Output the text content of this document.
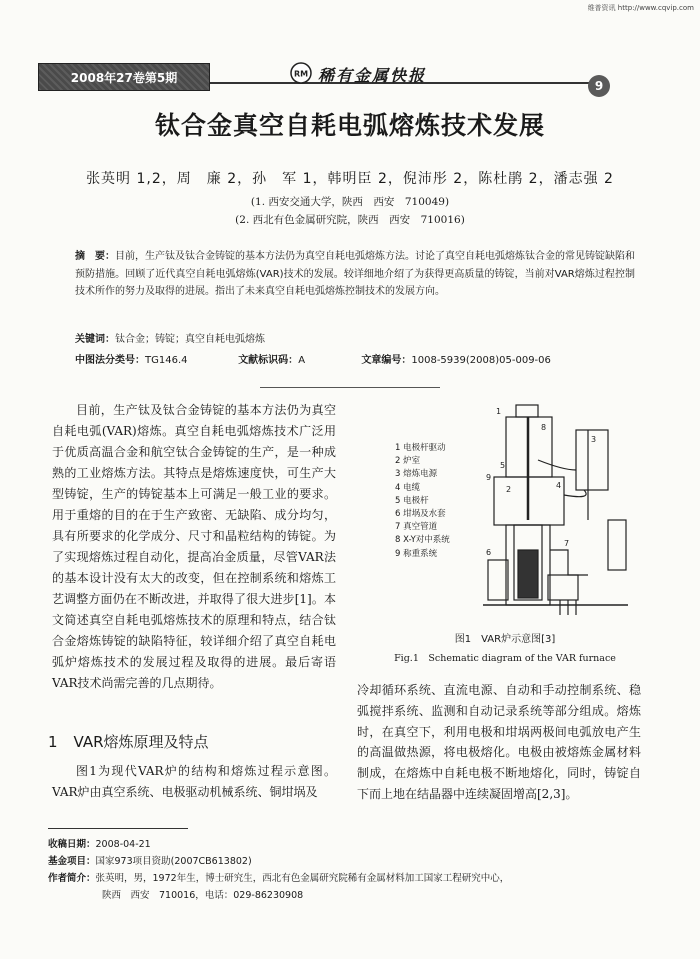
维普资讯 http://www.cqvip.com
2008年27卷第5期	RM 稀有金属快报
9
钛合金真空自耗电弧熔炼技术发展
张英明 1,2，周　廉 2，孙　军 1，韩明臣 2，倪沛彤 2，陈杜鹃 2，潘志强 2
(1. 西安交通大学，陕西　西安　710049)
(2. 西北有色金属研究院，陕西　西安　710016)
摘　要：目前，生产钛及钛合金铸锭的基本方法仍为真空自耗电弧熔炼方法。讨论了真空自耗电弧熔炼钛合金的常见铸锭缺陷和预防措施。回顾了近代真空自耗电弧熔炼(VAR)技术的发展。较详细地介绍了为获得更高质量的铸锭，当前对VAR熔炼过程控制技术所作的努力及取得的进展。指出了未来真空自耗电弧熔炼控制技术的发展方向。
关键词：钛合金；铸锭；真空自耗电弧熔炼
中图法分类号：TG146.4	文献标识码：A	文章编号：1008-5939(2008)05-009-06

目前，生产钛及钛合金铸锭的基本方法仍为真空自耗电弧(VAR)熔炼。真空自耗电弧熔炼技术广泛用于优质高温合金和航空钛合金铸锭的生产，是一种成熟的工业熔炼方法。其特点是熔炼速度快，可生产大型铸锭，生产的铸锭基本上可满足一般工业的要求。用于重熔的目的在于生产致密、无缺陷、成分均匀，具有所要求的化学成分、尺寸和晶粒结构的铸锭。为了实现熔炼过程自动化，提高冶金质量，尽管VAR法的基本设计没有太大的改变，但在控制系统和熔炼工艺调整方面仍在不断改进，并取得了很大进步[1]。本文简述真空自耗电弧熔炼技术的原理和特点，结合钛合金熔炼铸锭的缺陷特征，较详细介绍了真空自耗电弧炉熔炼技术的发展过程及取得的进展。最后寄语VAR技术尚需完善的几点期待。

1 VAR熔炼原理及特点

图1为现代VAR炉的结构和熔炼过程示意图。VAR炉由真空系统、电极驱动机械系统、铜坩埚及

1
2
3
4
5
6
7
8
9
1 电极杆驱动
2 炉室
3 熔炼电源
4 电缆
5 电极杆
6 坩埚及水套
7 真空管道
8 X-Y对中系统
9 称重系统
图1　VAR炉示意图[3]
Fig.1　Schematic diagram of the VAR furnace

冷却循环系统、直流电源、自动和手动控制系统、稳弧搅拌系统、监测和自动记录系统等部分组成。熔炼时，在真空下，利用电极和坩埚两极间电弧放电产生的高温做热源，将电极熔化。电极由被熔炼金属材料制成，在熔炼中自耗电极不断地熔化，同时，铸锭自下而上地在结晶器中连续凝固增高[2,3]。

收稿日期：2008-04-21
基金项目：国家973项目资助(2007CB613802)
作者简介：张英明，男，1972年生，博士研究生，西北有色金属研究院稀有金属材料加工国家工程研究中心，
陕西　西安　710016，电话：029-86230908
